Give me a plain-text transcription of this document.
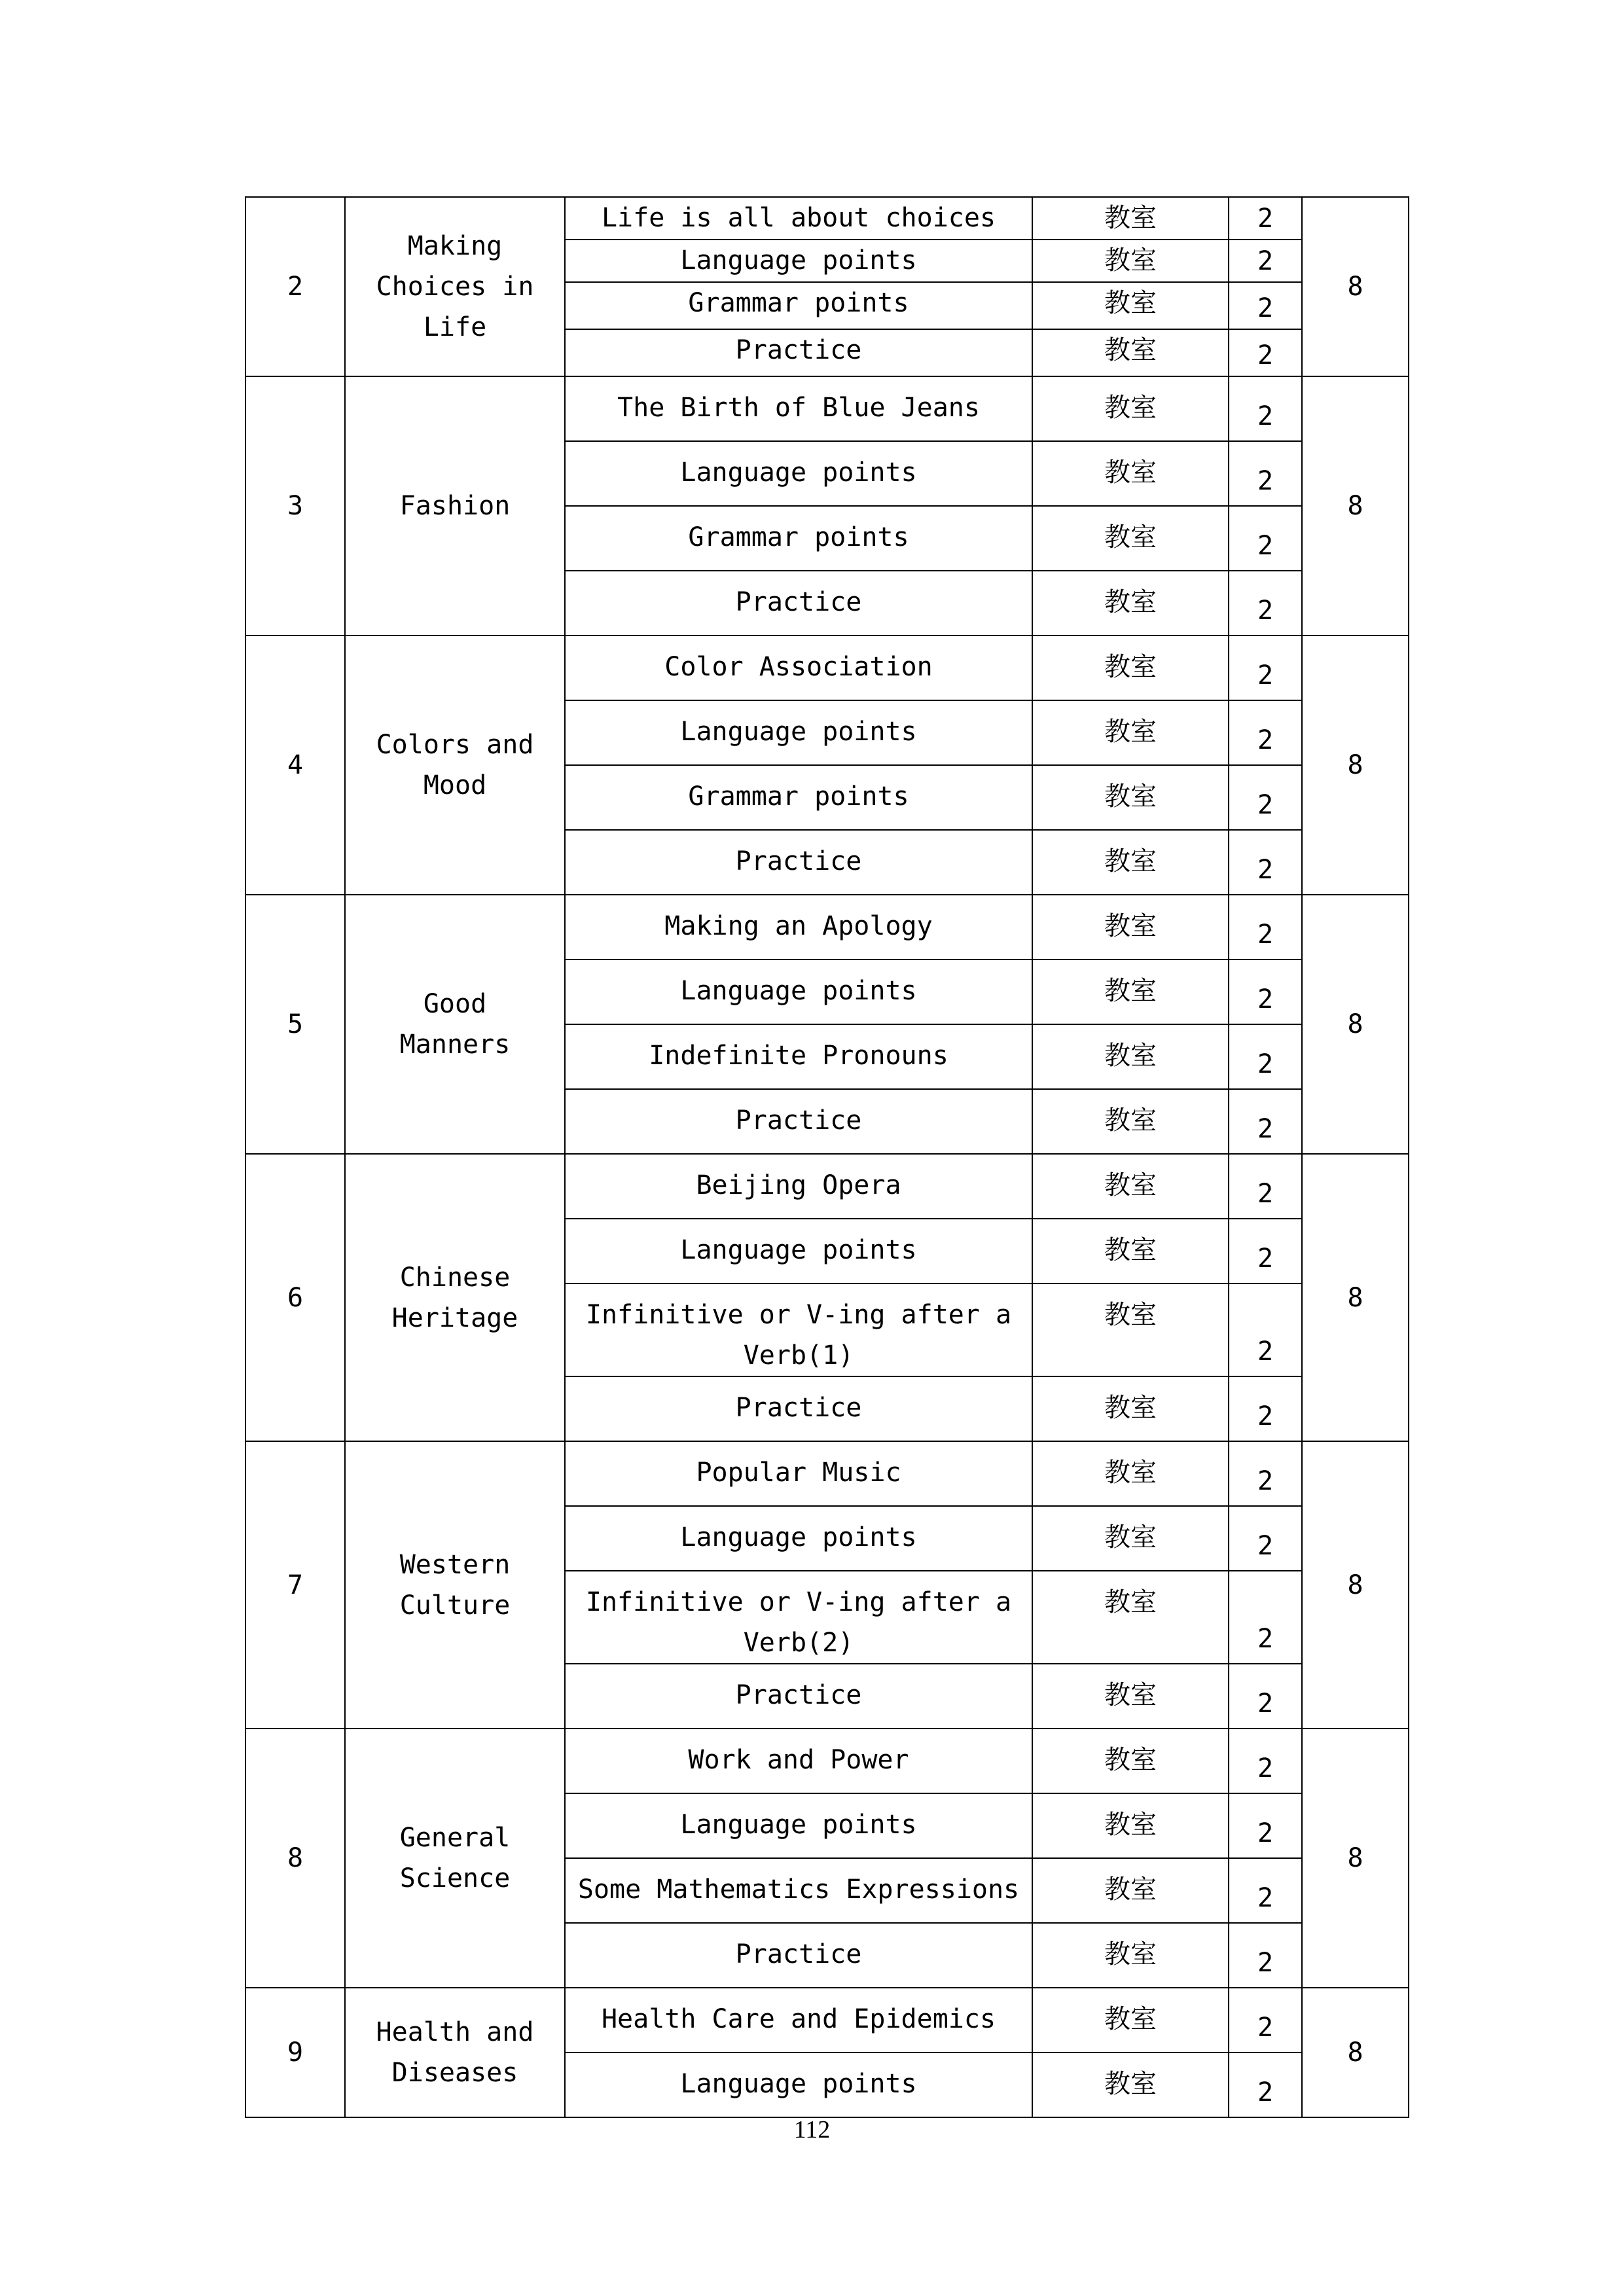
2	Making Choices in Life	Life is all about choices	教室	2	8
		Language points	教室	2	
		Grammar points	教室	2	
		Practice	教室	2	
3	Fashion	The Birth of Blue Jeans	教室	2	8
		Language points	教室	2	
		Grammar points	教室	2	
		Practice	教室	2	
4	Colors and Mood	Color Association	教室	2	8
		Language points	教室	2	
		Grammar points	教室	2	
		Practice	教室	2	
5	Good Manners	Making an Apology	教室	2	8
		Language points	教室	2	
		Indefinite Pronouns	教室	2	
		Practice	教室	2	
6	Chinese Heritage	Beijing Opera	教室	2	8
		Language points	教室	2	
		Infinitive or V-ing after a Verb(1)	教室	2	
		Practice	教室	2	
7	Western Culture	Popular Music	教室	2	8
		Language points	教室	2	
		Infinitive or V-ing after a Verb(2)	教室	2	
		Practice	教室	2	
8	General Science	Work and Power	教室	2	8
		Language points	教室	2	
		Some Mathematics Expressions	教室	2	
		Practice	教室	2	
9	Health and Diseases	Health Care and Epidemics	教室	2	8
		Language points	教室	2	
112
